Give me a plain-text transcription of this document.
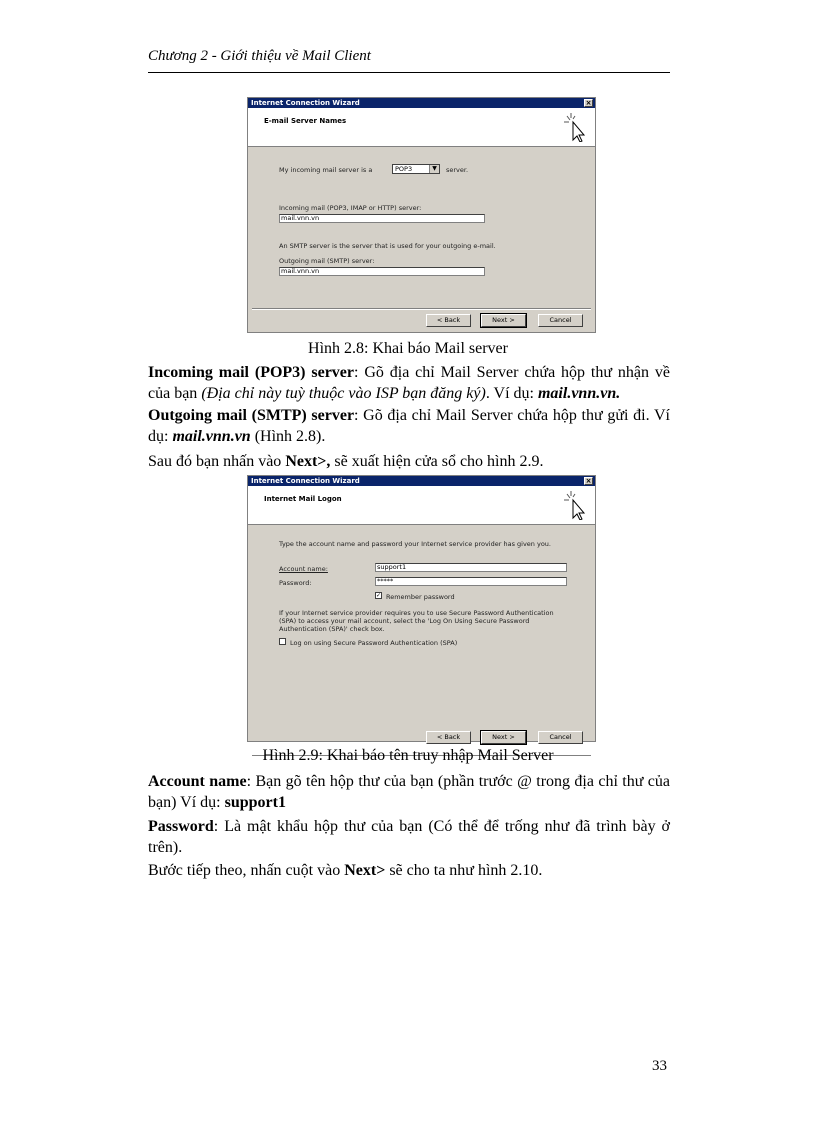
Chương 2 - Giới thiệu về Mail Client
Internet Connection Wizard	×
E-mail Server Names
My incoming mail server is a	POP3	▼	server.
Incoming mail (POP3, IMAP or HTTP) server:
mail.vnn.vn
An SMTP server is the server that is used for your outgoing e-mail.
Outgoing mail (SMTP) server:
mail.vnn.vn
< Back	Next >	Cancel
Hình 2.8: Khai báo Mail server
Incoming mail (POP3) server: Gõ địa chỉ Mail Server chứa hộp thư nhận về của bạn (Địa chỉ này tuỳ thuộc vào ISP bạn đăng ký). Ví dụ: mail.vnn.vn.
Outgoing mail (SMTP) server: Gõ địa chỉ Mail Server chứa hộp thư gửi đi. Ví dụ: mail.vnn.vn (Hình 2.8).
Sau đó bạn nhấn vào Next>, sẽ xuất hiện cửa sổ cho hình 2.9.
Internet Connection Wizard	×
Internet Mail Logon
Type the account name and password your Internet service provider has given you.
Account name:	support1
Password:	*****
✓ Remember password
If your Internet service provider requires you to use Secure Password Authentication
(SPA) to access your mail account, select the 'Log On Using Secure Password
Authentication (SPA)' check box.
Log on using Secure Password Authentication (SPA)
< Back	Next >	Cancel
Hình 2.9: Khai báo tên truy nhập Mail Server
Account name: Bạn gõ tên hộp thư của bạn (phần trước @ trong địa chỉ thư của bạn) Ví dụ: support1
Password: Là mật khẩu hộp thư của bạn (Có thể để trống như đã trình bày ở trên).
Bước tiếp theo, nhấn cuột vào Next> sẽ cho ta như hình 2.10.
33
